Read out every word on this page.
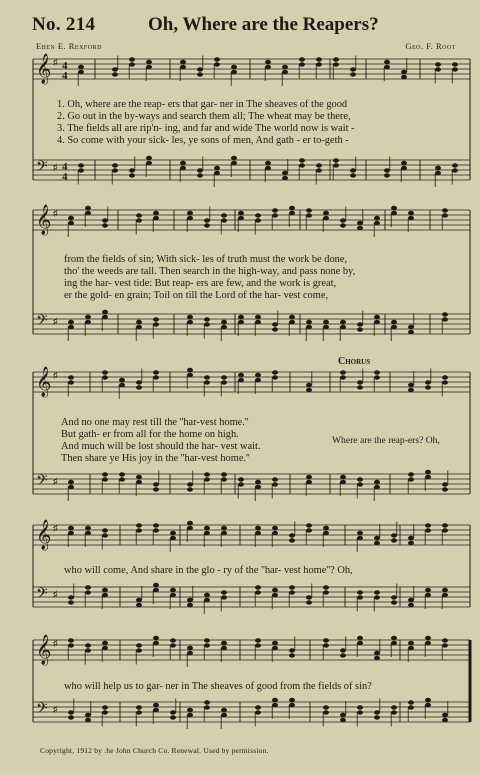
No. 214	Oh, Where are the Reapers?
Eben E. Rexford	Geo. F. Root
𝄞 ♯ 4
4
𝄢 ♯ 4
4
𝄞 ♯
𝄢 ♯
𝄞 ♯
𝄢 ♯
𝄞 ♯
𝄢 ♯
𝄞 ♯
𝄢 ♯
1. Oh, where are the reap- ers that gar- ner in The sheaves of the good
2. Go out in the by-ways and search them all; The wheat may be there,
3. The fields all are rip'n- ing, and far and wide The world now is wait -
4. So come with your sick- les, ye sons of men, And gath - er to-geth -
from the fields of sin; With sick- les of truth must the work be done,
tho' the weeds are tall. Then search in the high-way, and pass none by,
ing the har- vest tide: But reap- ers are few, and the work is great,
er the gold- en grain; Toil on till the Lord of the har- vest come,
Chorus
And no one may rest till the ''har-vest home.''
But gath- er from all for the home on high.
And much will be lost should the har- vest wait.
Then share ye His joy in the ''har-vest home.''
Where are the reap-ers? Oh,
who will come, And share in the glo - ry of the ''har- vest home''? Oh,
who will help us to gar- ner in The sheaves of good from the fields of sin?
Copyright, 1912 by .he John Church Co. Renewal. Used by permission.
